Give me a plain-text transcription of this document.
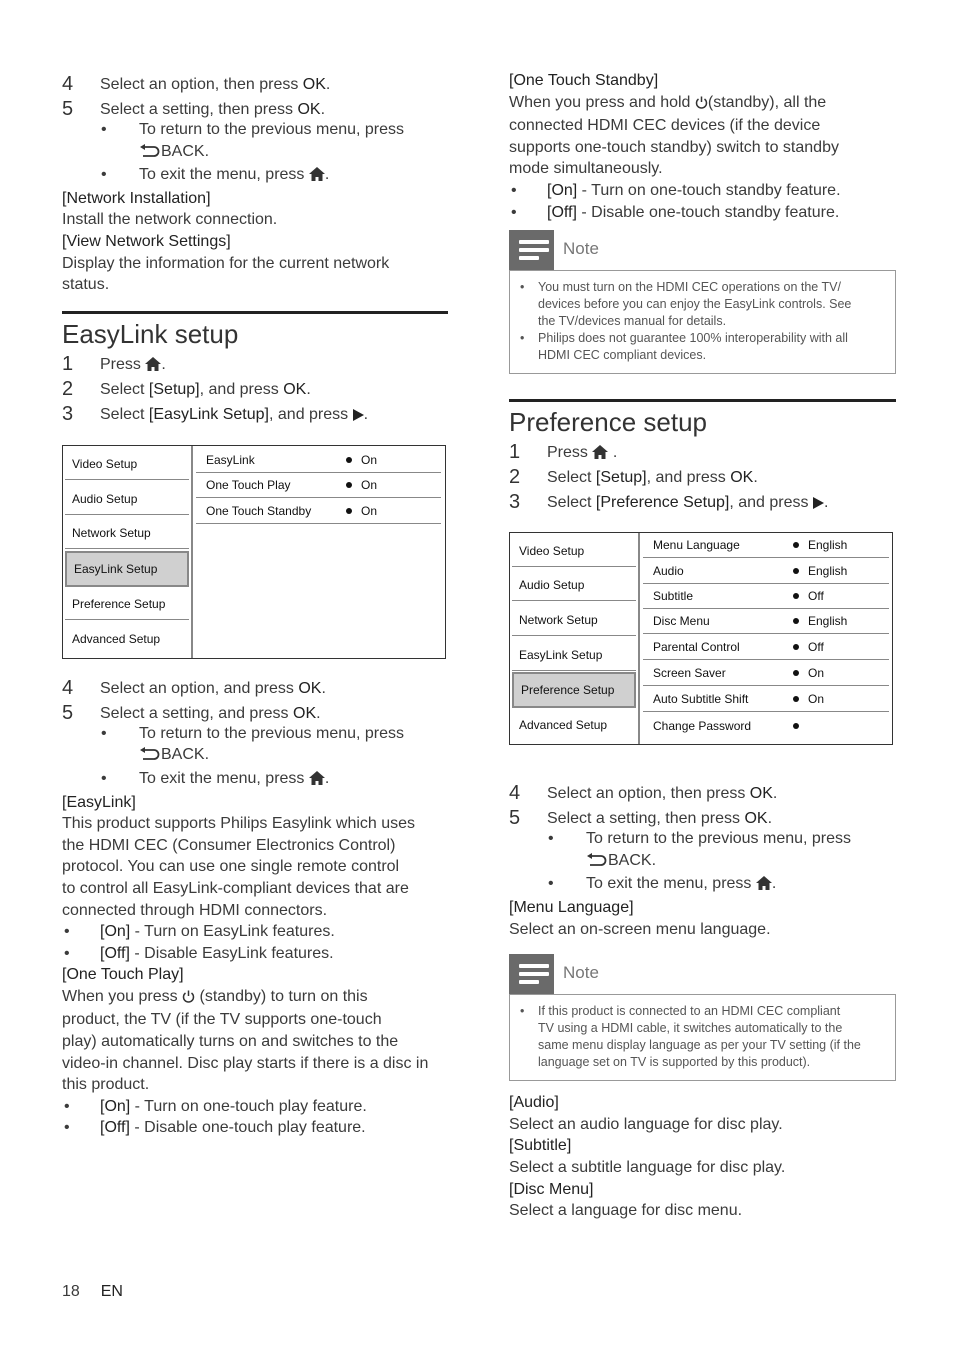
4 Select an option, then press OK.
5 Select a setting, then press OK.
• To return to the previous menu, press
BACK.
• To exit the menu, press .
[Network Installation]
Install the network connection.
[View Network Settings]
Display the information for the current network
status.
EasyLink setup
1 Press .
2 Select [Setup], and press OK.
3 Select [EasyLink Setup], and press .
Video Setup
Audio Setup
Network Setup
EasyLink Setup
Preference Setup
Advanced Setup
EasyLink	On
One Touch Play	On
One Touch Standby	On
4 Select an option, and press OK.
5 Select a setting, and press OK.
• To return to the previous menu, press
BACK.
• To exit the menu, press .
[EasyLink]
This product supports Philips Easylink which uses
the HDMI CEC (Consumer Electronics Control)
protocol. You can use one single remote control
to control all EasyLink-compliant devices that are
connected through HDMI connectors.
• [On] - Turn on EasyLink features.
• [Off] - Disable EasyLink features.
[One Touch Play]
When you press  (standby) to turn on this
product, the TV (if the TV supports one-touch
play) automatically turns on and switches to the
video-in channel. Disc play starts if there is a disc in
this product.
• [On] - Turn on one-touch play feature.
• [Off] - Disable one-touch play feature.
[One Touch Standby]
When you press and hold (standby), all the
connected HDMI CEC devices (if the device
supports one-touch standby) switch to standby
mode simultaneously.
• [On] - Turn on one-touch standby feature.
• [Off] - Disable one-touch standby feature.
Note
• You must turn on the HDMI CEC operations on the TV/
devices before you can enjoy the EasyLink controls. See
the TV/devices manual for details.
• Philips does not guarantee 100% interoperability with all
HDMI CEC compliant devices.
Preference setup
1 Press .
2 Select [Setup], and press OK.
3 Select [Preference Setup], and press .
Video Setup
Audio Setup
Network Setup
EasyLink Setup
Preference Setup
Advanced Setup
Menu Language	English
Audio	English
Subtitle	Off
Disc Menu	English
Parental Control	Off
Screen Saver	On
Auto Subtitle Shift	On
Change Password
4 Select an option, then press OK.
5 Select a setting, then press OK.
• To return to the previous menu, press
BACK.
• To exit the menu, press .
[Menu Language]
Select an on-screen menu language.
Note
• If this product is connected to an HDMI CEC compliant
TV using a HDMI cable, it switches automatically to the
same menu display language as per your TV setting (if the
language set on TV is supported by this product).
[Audio]
Select an audio language for disc play.
[Subtitle]
Select a subtitle language for disc play.
[Disc Menu]
Select a language for disc menu.
18 EN
